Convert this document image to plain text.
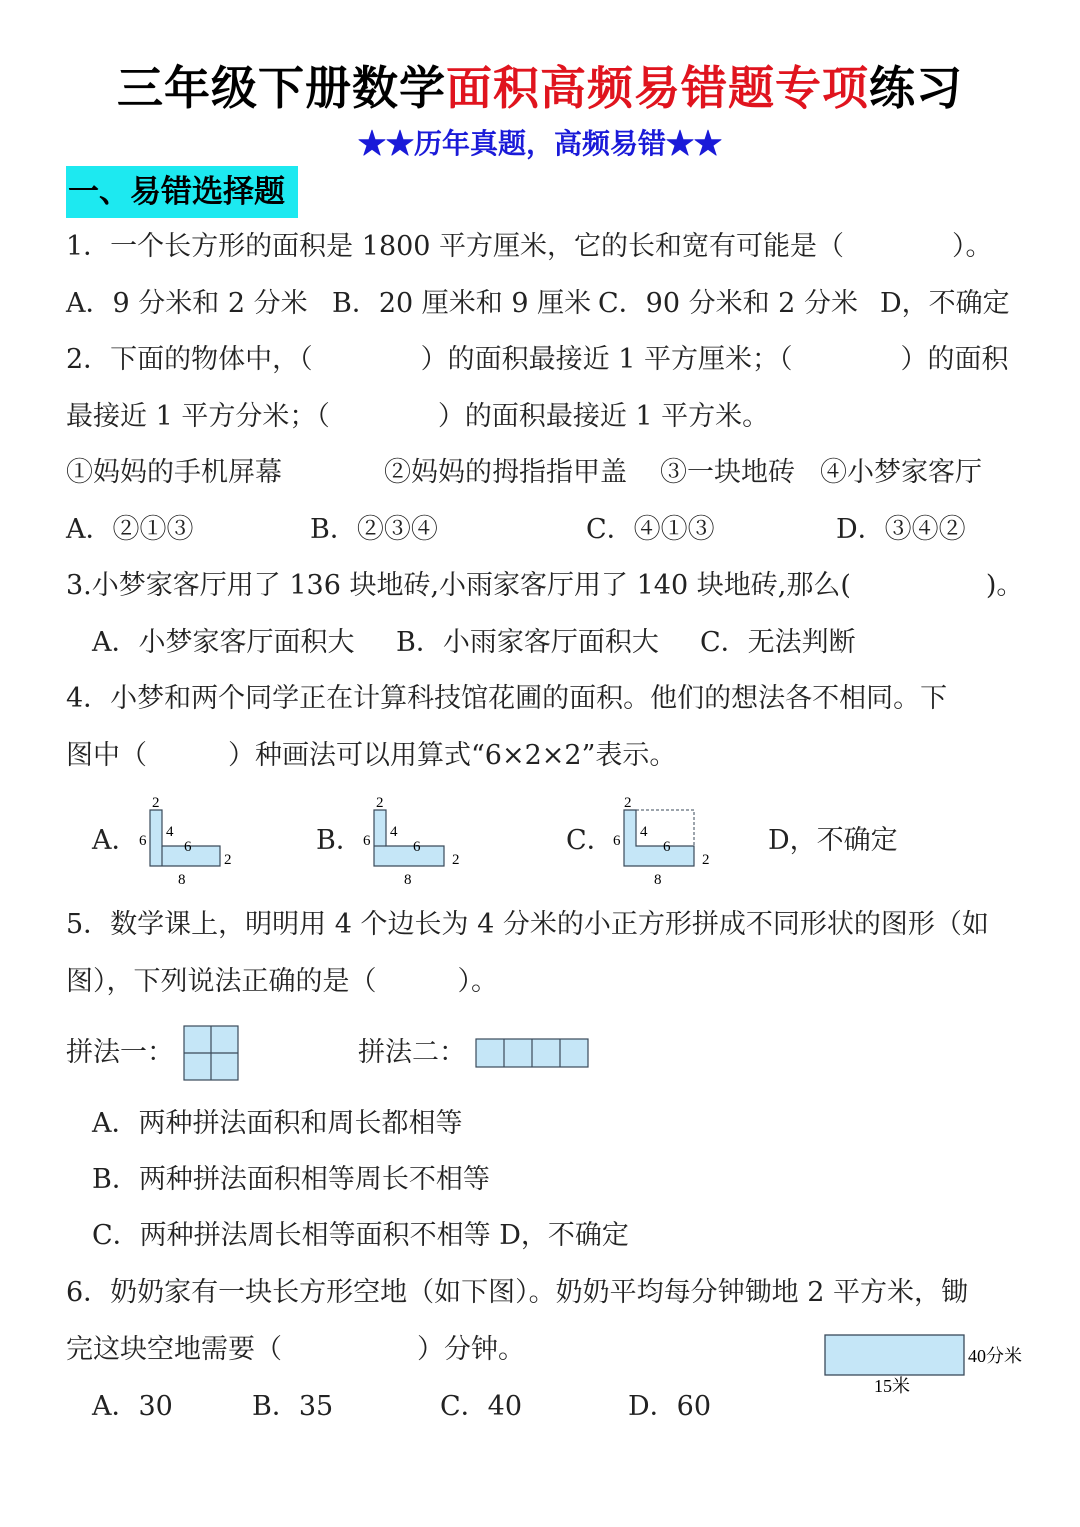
三年级下册数学面积高频易错题专项练习
★★历年真题，高频易错★★
一、易错选择题
1．一个长方形的面积是 1800 平方厘米，它的长和宽有可能是（　　　　）。
A．9 分米和 2 分米 B．20 厘米和 9 厘米 C．90 分米和 2 分米 D，不确定
2．下面的物体中，（　　　　）的面积最接近 1 平方厘米；（　　　　）的面积
最接近 1 平方分米；（　　　　）的面积最接近 1 平方米。
①妈妈的手机屏幕	②妈妈的拇指指甲盖 ③一块地砖 ④小梦家客厅
A．②①③	B．②③④	C．④①③	D．③④②
3.小梦家客厅用了 136 块地砖,小雨家客厅用了 140 块地砖,那么(　　　　　)。
A．小梦家客厅面积大 B．小雨家客厅面积大 C．无法判断
4．小梦和两个同学正在计算科技馆花圃的面积。他们的想法各不相同。下
图中（　　　）种画法可以用算式“6×2×2”表示。
A．
2
6
4
6
2
8
B．
2
6
4
6
2
8
C．
2
6
4
6
2
8
D，不确定
5．数学课上，明明用 4 个边长为 4 分米的小正方形拼成不同形状的图形（如
图），下列说法正确的是（　　　）。
拼法一：	拼法二：
A．两种拼法面积和周长都相等
B．两种拼法面积相等周长不相等
C．两种拼法周长相等面积不相等 D，不确定
6．奶奶家有一块长方形空地（如下图）。奶奶平均每分钟锄地 2 平方米，锄
完这块空地需要（　　　　　）分钟。
A．30	B．35	C．40	D．60
40分米
15米
